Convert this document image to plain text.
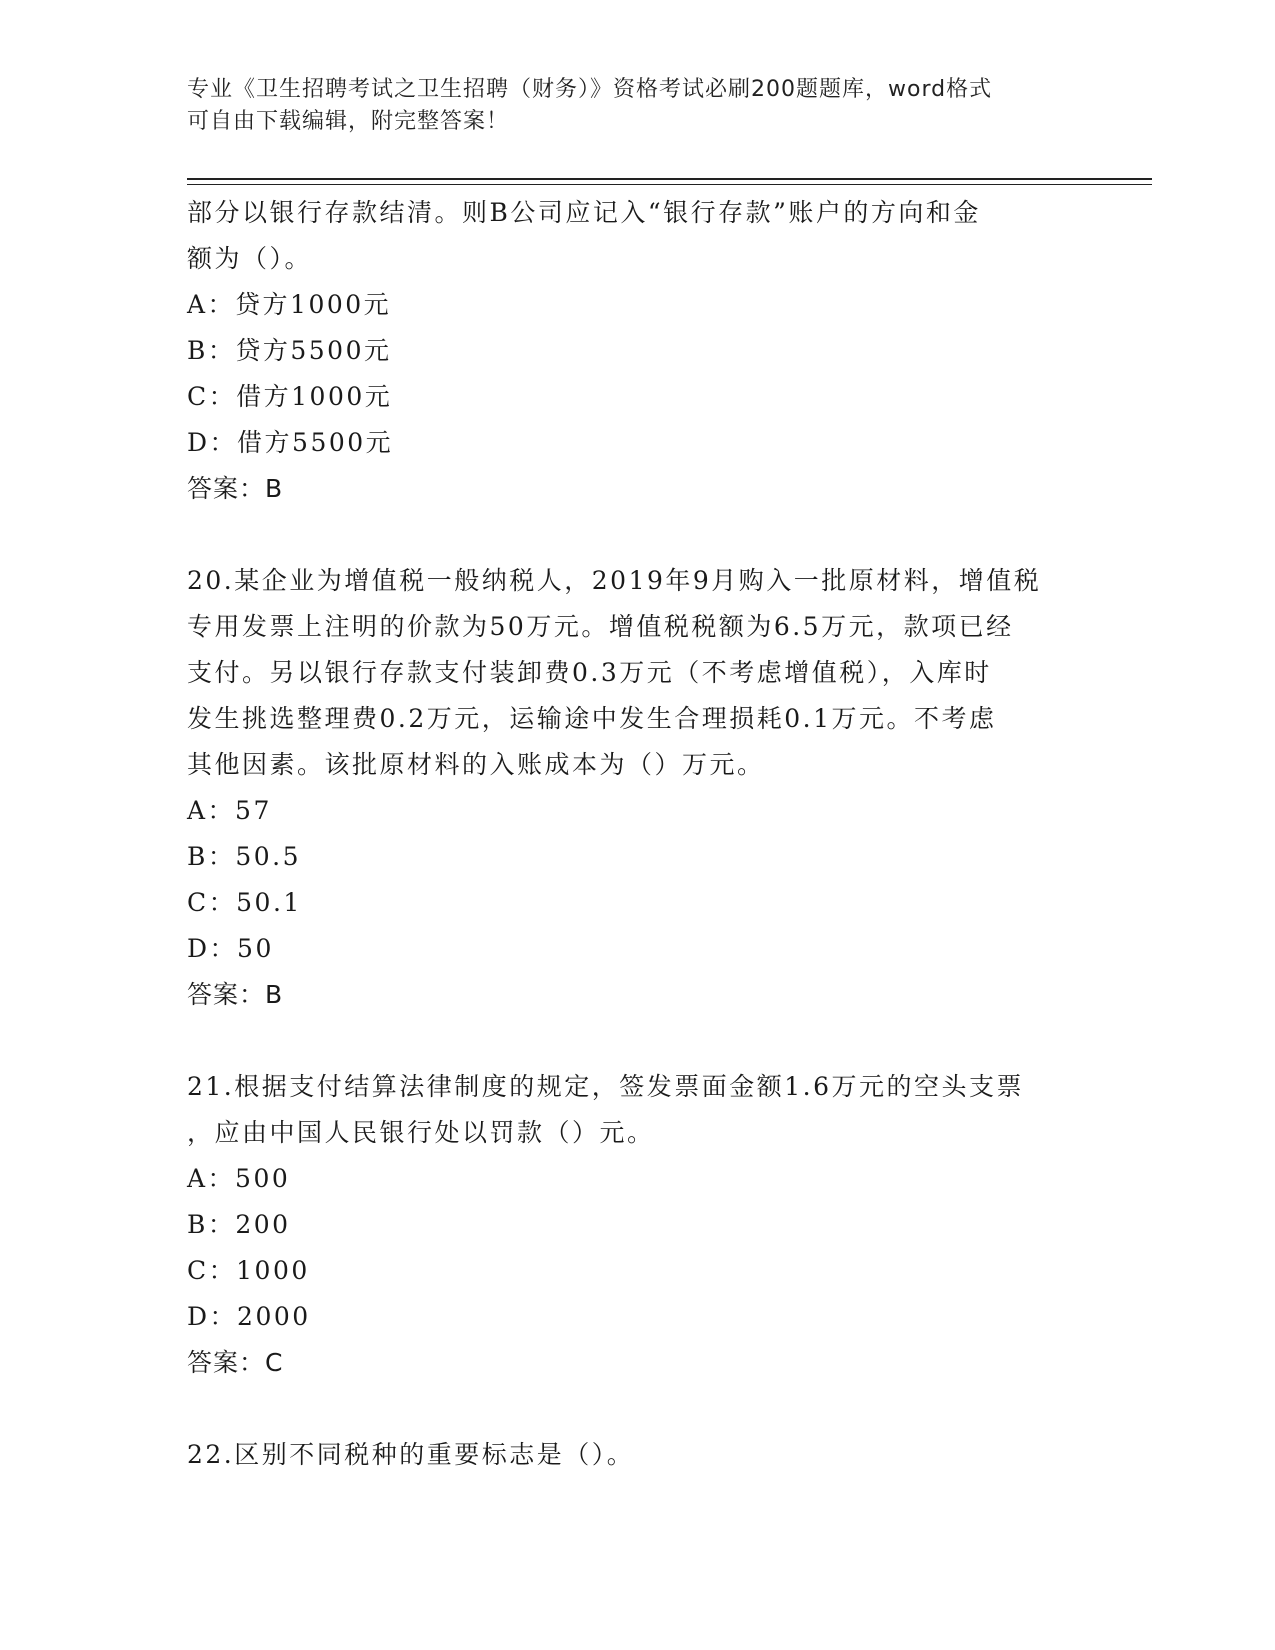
专业《卫生招聘考试之卫生招聘（财务）》资格考试必刷200题题库，word格式
可自由下载编辑，附完整答案！
部分以银行存款结清。则B公司应记入“银行存款”账户的方向和金
额为（）。
A：贷方1000元
B：贷方5500元
C：借方1000元
D：借方5500元
答案：B
20.某企业为增值税一般纳税人，2019年9月购入一批原材料，增值税
专用发票上注明的价款为50万元。增值税税额为6.5万元，款项已经
支付。另以银行存款支付装卸费0.3万元（不考虑增值税），入库时
发生挑选整理费0.2万元，运输途中发生合理损耗0.1万元。不考虑
其他因素。该批原材料的入账成本为（）万元。
A：57
B：50.5
C：50.1
D：50
答案：B
21.根据支付结算法律制度的规定，签发票面金额1.6万元的空头支票
，应由中国人民银行处以罚款（）元。
A：500
B：200
C：1000
D：2000
答案：C
22.区别不同税种的重要标志是（）。
